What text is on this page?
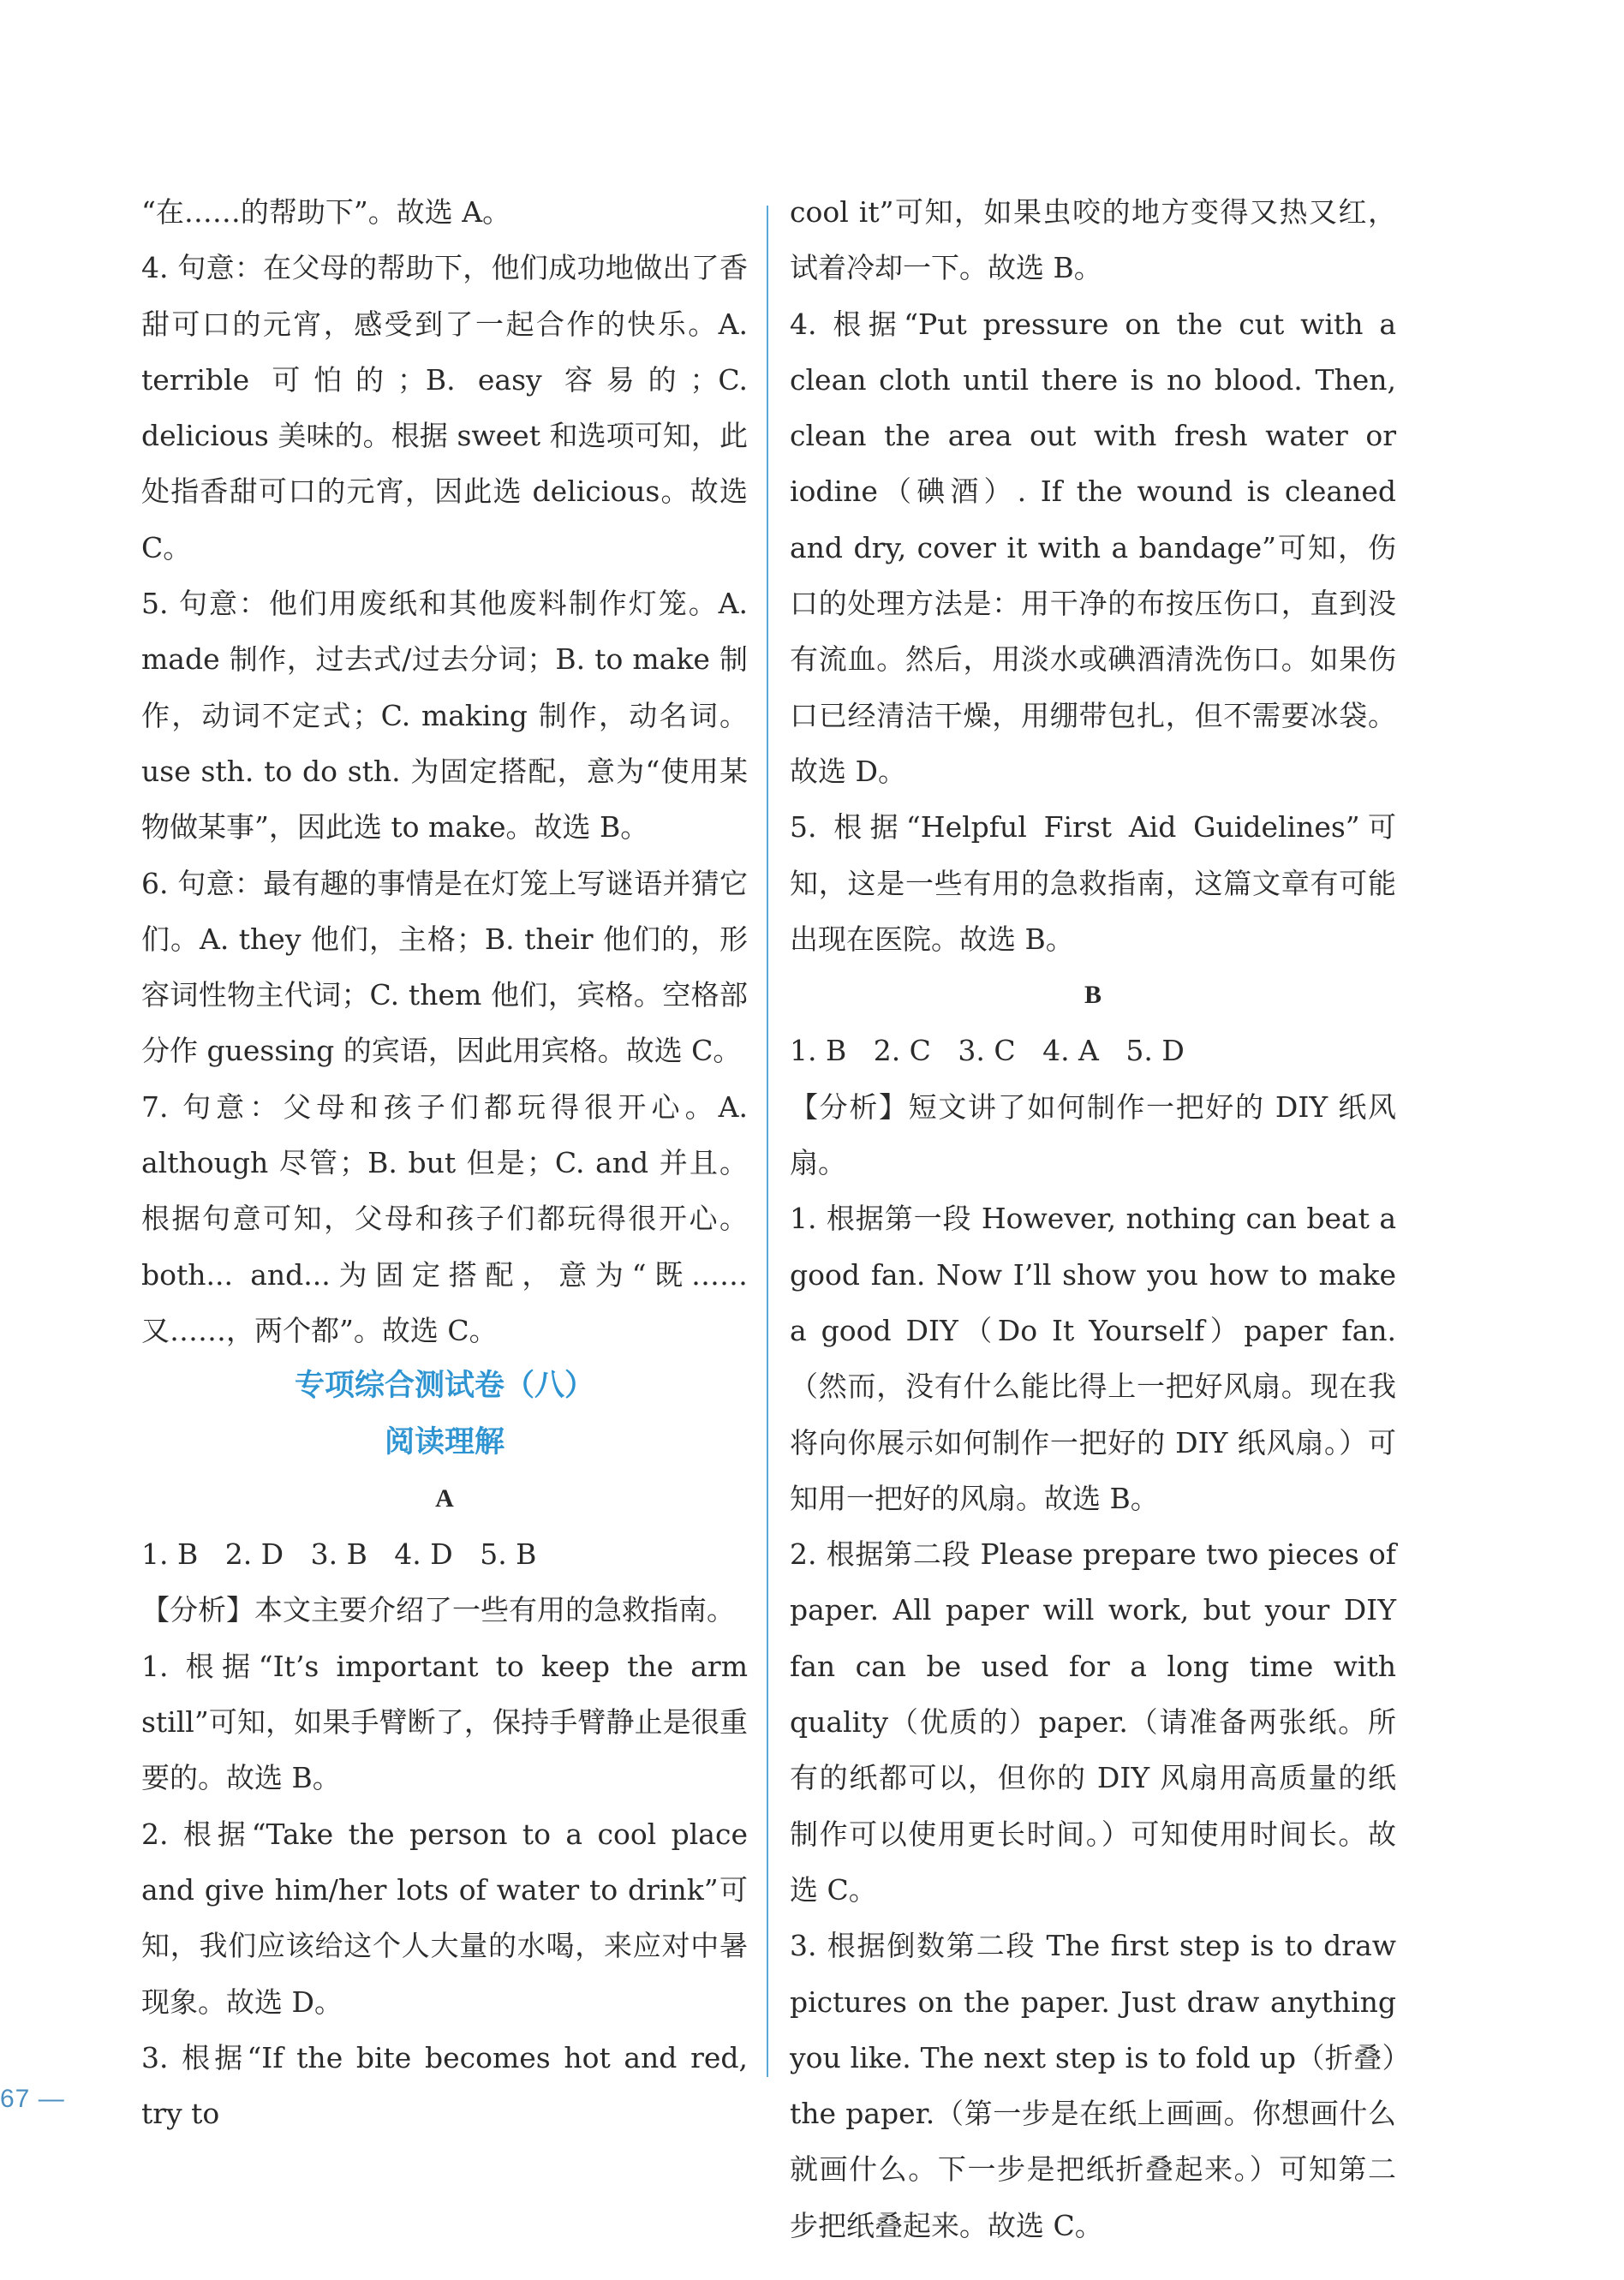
“在……的帮助下”。故选 A。

4. 句意：在父母的帮助下，他们成功地做出了香甜可口的元宵，感受到了一起合作的快乐。A. terrible 可怕的；B. easy 容易的；C. delicious 美味的。根据 sweet 和选项可知，此处指香甜可口的元宵，因此选 delicious。故选 C。

5. 句意：他们用废纸和其他废料制作灯笼。A. made 制作，过去式/过去分词；B. to make 制作，动词不定式；C. making 制作，动名词。use sth. to do sth. 为固定搭配，意为“使用某物做某事”，因此选 to make。故选 B。

6. 句意：最有趣的事情是在灯笼上写谜语并猜它们。A. they 他们，主格；B. their 他们的，形容词性物主代词；C. them 他们，宾格。空格部分作 guessing 的宾语，因此用宾格。故选 C。

7. 句意：父母和孩子们都玩得很开心。A. although 尽管；B. but 但是；C. and 并且。根据句意可知，父母和孩子们都玩得很开心。both... and...为固定搭配，意为“既……又……，两个都”。故选 C。

专项综合测试卷（八）

阅读理解

A

1. B   2. D   3. B   4. D   5. B

【分析】本文主要介绍了一些有用的急救指南。

1. 根据“It’s important to keep the arm still”可知，如果手臂断了，保持手臂静止是很重要的。故选 B。

2. 根据“Take the person to a cool place and give him/her lots of water to drink”可知，我们应该给这个人大量的水喝，来应对中暑现象。故选 D。

3. 根据“If the bite becomes hot and red, try to

cool it”可知，如果虫咬的地方变得又热又红，试着冷却一下。故选 B。

4. 根据“Put pressure on the cut with a clean cloth until there is no blood. Then, clean the area out with fresh water or iodine（碘酒）. If the wound is cleaned and dry, cover it with a bandage”可知，伤口的处理方法是：用干净的布按压伤口，直到没有流血。然后，用淡水或碘酒清洗伤口。如果伤口已经清洁干燥，用绷带包扎，但不需要冰袋。故选 D。

5. 根据“Helpful First Aid Guidelines”可知，这是一些有用的急救指南，这篇文章有可能出现在医院。故选 B。

B

1. B   2. C   3. C   4. A   5. D

【分析】短文讲了如何制作一把好的 DIY 纸风扇。

1. 根据第一段 However, nothing can beat a good fan. Now I’ll show you how to make a good DIY（Do It Yourself）paper fan.（然而，没有什么能比得上一把好风扇。现在我将向你展示如何制作一把好的 DIY 纸风扇。）可知用一把好的风扇。故选 B。

2. 根据第二段 Please prepare two pieces of paper. All paper will work, but your DIY fan can be used for a long time with quality（优质的）paper.（请准备两张纸。所有的纸都可以，但你的 DIY 风扇用高质量的纸制作可以使用更长时间。）可知使用时间长。故选 C。

3. 根据倒数第二段 The first step is to draw pictures on the paper. Just draw anything you like. The next step is to fold up（折叠）the paper.（第一步是在纸上画画。你想画什么就画什么。下一步是把纸折叠起来。）可知第二步把纸叠起来。故选 C。

67 —
